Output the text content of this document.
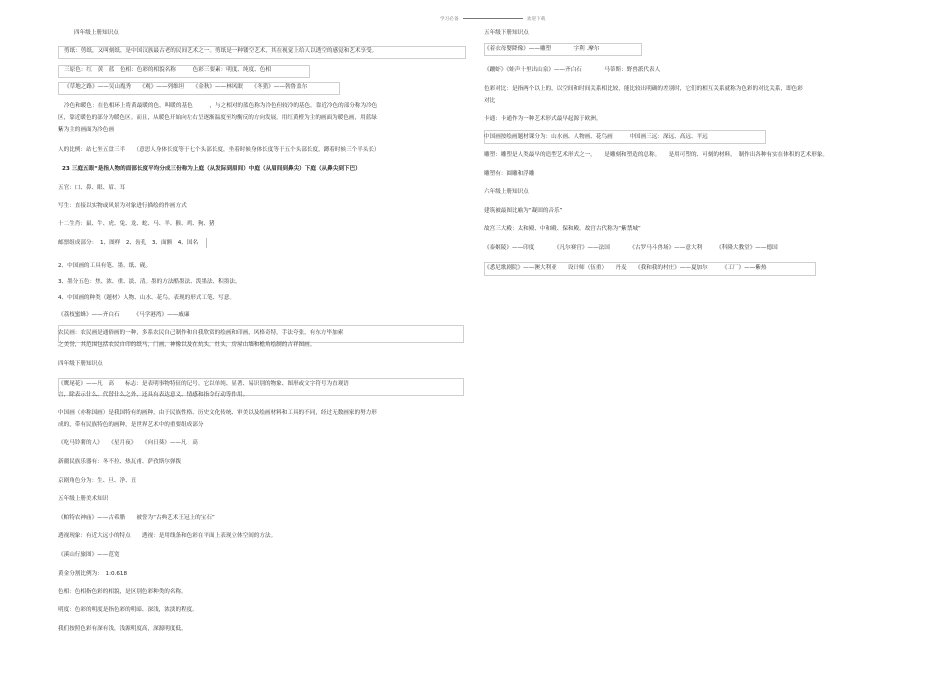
学习必备	欢迎下载
四年级上册知识点
剪纸：剪纸，又叫刻纸，是中国汉族最古老的民间艺术之一。剪纸是一种镂空艺术，其在视觉上给人以透空的感觉和艺术享受。
三原色：红　黄　蓝　色相：色彩的相貌名称　　　色彩三要素：明度、纯度、色相
《草地之路》——吴山胤秀　　《观》——列维坦　　《金秋》——林风眠　　《冬猎》——勃鲁盖尔
冷色和暖色：在色相环上将黄最暖的色，叫暖的基色　　　，与之相对的蓝色称为冷色但较冷的基色。靠近冷色的部分称为冷色
区，靠近暖色的部分为暖色区。而且，从暖色开始向左右呈逐渐温度至均衡反的方向发展。用红黄橙为主的画面为暖色画，用蓝绿
紫为主的画面为冷色画
人的比例：站七坐五盘三半　　（意思人身体长度等于七个头部长度，坐着时候身体长度等于五个头部长度，蹲着时候三个半头长）
23 三庭五眼“是指人物的面部长度平均分成三份称为上庭（从发际到眉间）中庭（从眉间到鼻尖）下庭（从鼻尖到下巴）
五官：口、鼻、眼、眉、耳
写生：直接以实物或风景为对象进行描绘的作画方式
十二生肖：鼠、牛、虎、兔、龙、蛇、马、羊、猴、鸡、狗、猪
邮票组成部分：　1、图样　2、齿孔　3、面额　4、国名
2、中国画的工具有笔、墨、纸、砚。
3、墨分五色：焦、浓、重、淡、清。墨的方法酷墨法、泼墨法、积墨法。
4、中国画的种类（题材）人物、山水、花鸟。表现的形式工笔、写意。
《荔枝蜜蜂》——齐白石　　　《马学港湾》——戚廉
农民画：农民画是通俗画的一种，多系农民自己制作和自我欣赏的绘画和印画，风格奇特，手法夸张，有东方毕加索
之美誉，其范围包括农民自印的纸马，门画，神像以及在炕头，灶头，房屋山墙和檐角绘制的吉祥图画。
四年级下册知识点
《鹰尾花》——凡　高　　标志：是表明事物特征的记号。它以单纯、显著、易识别的物象、图形或文字符号为直观语
言，除表示什么、代替什么之外，还具有表达意义、情感和指令行动等作用。
中国画（亦称国画）是我国特有的画种，由于民族性格、历史文化传统、审美以及绘画材料和工具的不同，经过无数画家的努力形
成的，带有民族特色的画种，是世界艺术中的重要组成部分
《吃马铃薯的人》　　《星月夜》　　《向日葵》——凡　高
新疆民族乐器有：冬不拉、热瓦甫、萨孜斯尔弹拨
京剧角色分为：生、旦、净、丑
五年级上册美术知识
《帕特农神庙》——古希腊　　被誉为“古典艺术王冠上的宝石”
透视现象：有近大远小的特点　　透视：是用线条和色彩在平面上表现立体空间的方法。
《溪山行旅图》——范宽
黄金分割比例为：　1:0.618
色相：色相指色彩的相貌，是区别色彩种类的名称。
明度：色彩的明度是指色彩的明暗、深浅，浓淡的程度。
我们按照色彩有深有浅，浅源明度高，深源明度低。
五年级下册知识点
《着衣母婴降像》——雕塑　　　　字利 .摩尔
《蹦虾》《蛙声十里出山泉》——齐白石　　　　马蒂斯：野兽派代表人
色彩对比：是指两个以上的，以空间和时间关系相比较，能比较出明确的差别时，它们的相互关系就称为色彩的对比关系，即色彩
对比
卡通：卡通作为一种艺术形式最早起源于欧洲。
中国画按绘画题材课分为：山水画、人物画、花鸟画　　　中国画三远：深远、高远、平远
雕塑：雕塑是人类最早的造型艺术形式之一。　　是雕刻和塑造的总称。　　是用可塑的、可刻的材料，　制作出各种有实在体积的艺术形象。
雕塑有：圆雕和浮雕
六年级上册知识点
建筑被最图比喻为“凝固的音乐”
故宫三大殿：太和殿、中和殿、保和殿。故宫古代称为“紫禁城”
《泰姬陵》——印度　　　　《凡尔赛宫》——法国　　　　《古罗马斗兽场》——意大利　　　《科隆大教堂》——德国
《悉尼歌剧院》——澳大利亚　　设计师（伍重）　　丹麦　　《我和我的村庄》——夏加尔　　　《工厂》——紫热
